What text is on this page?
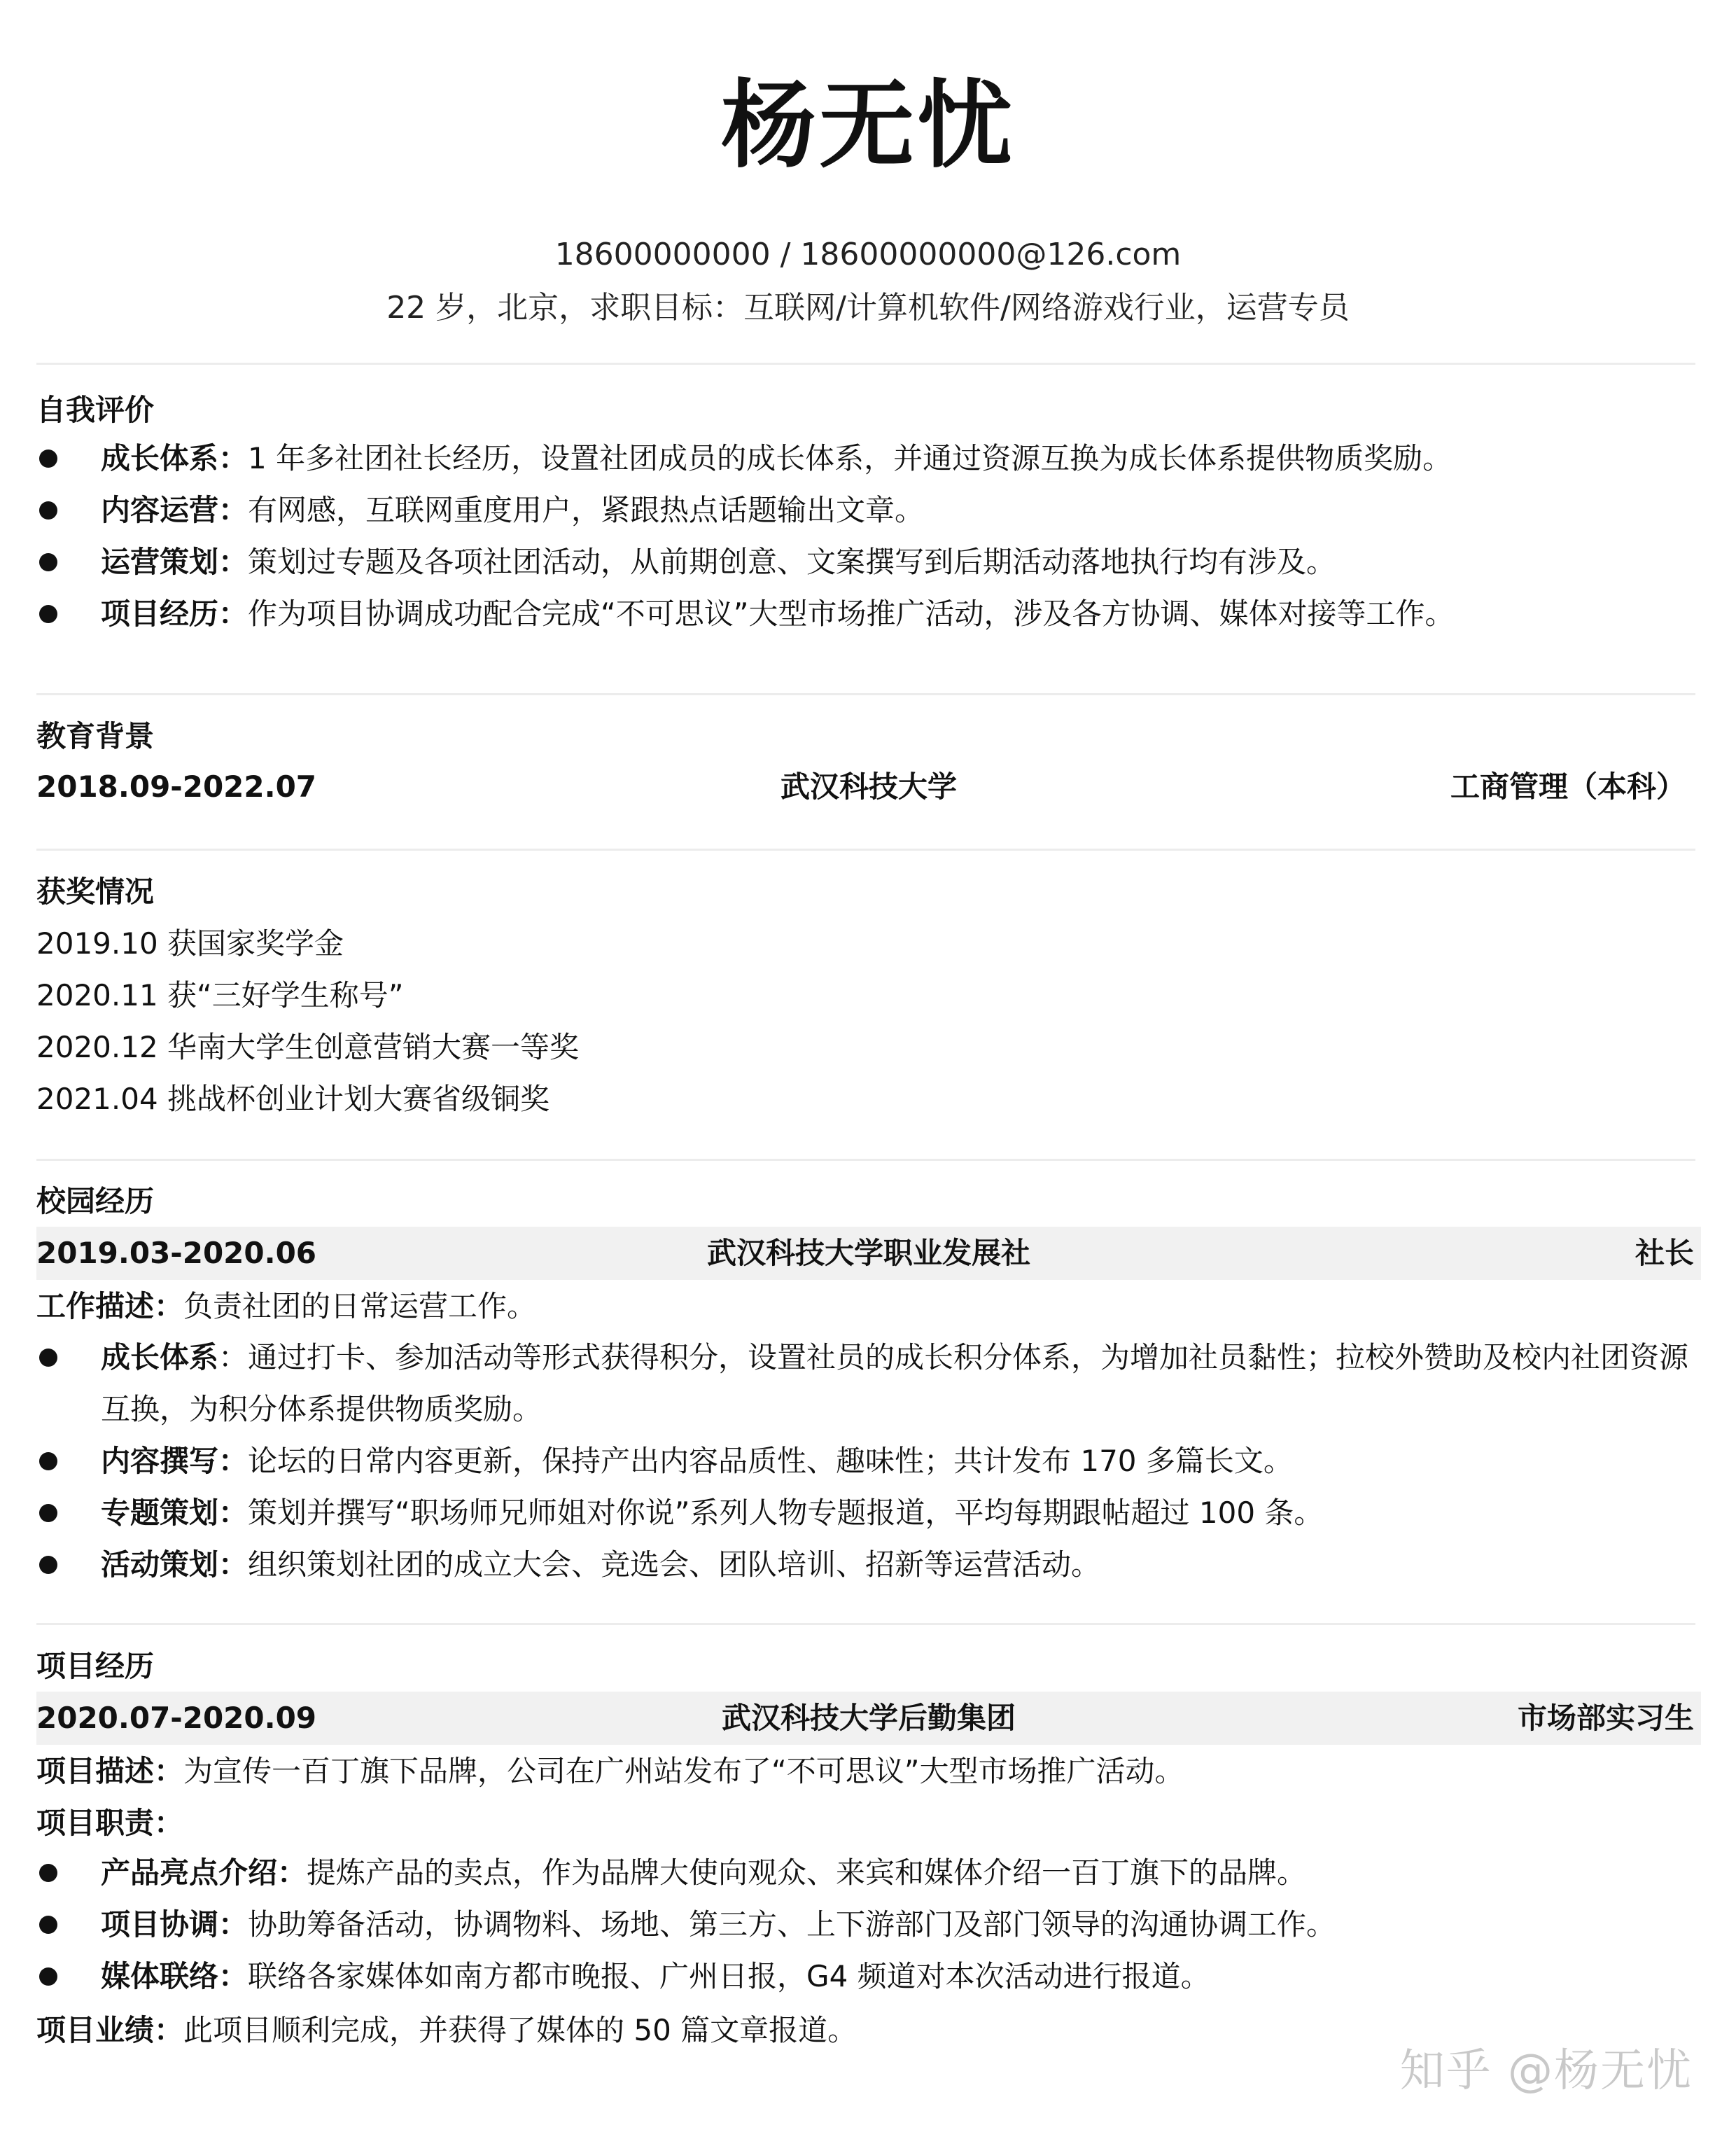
杨无忧
18600000000 / 18600000000@126.com
22 岁，北京，求职目标：互联网/计算机软件/网络游戏行业，运营专员
自我评价
成长体系：1 年多社团社长经历，设置社团成员的成长体系，并通过资源互换为成长体系提供物质奖励。
内容运营：有网感，互联网重度用户，紧跟热点话题输出文章。
运营策划：策划过专题及各项社团活动，从前期创意、文案撰写到后期活动落地执行均有涉及。
项目经历：作为项目协调成功配合完成“不可思议”大型市场推广活动，涉及各方协调、媒体对接等工作。
教育背景
2018.09-2022.07	武汉科技大学	工商管理（本科）
获奖情况
2019.10 获国家奖学金
2020.11 获“三好学生称号”
2020.12 华南大学生创意营销大赛一等奖
2021.04 挑战杯创业计划大赛省级铜奖
校园经历
2019.03-2020.06	武汉科技大学职业发展社	社长
工作描述：负责社团的日常运营工作。
成长体系：通过打卡、参加活动等形式获得积分，设置社员的成长积分体系，为增加社员黏性；拉校外赞助及校内社团资源互换，为积分体系提供物质奖励。
内容撰写：论坛的日常内容更新，保持产出内容品质性、趣味性；共计发布 170 多篇长文。
专题策划：策划并撰写“职场师兄师姐对你说”系列人物专题报道，平均每期跟帖超过 100 条。
活动策划：组织策划社团的成立大会、竞选会、团队培训、招新等运营活动。
项目经历
2020.07-2020.09	武汉科技大学后勤集团	市场部实习生
项目描述：为宣传一百丁旗下品牌，公司在广州站发布了“不可思议”大型市场推广活动。
项目职责：
产品亮点介绍：提炼产品的卖点，作为品牌大使向观众、来宾和媒体介绍一百丁旗下的品牌。
项目协调：协助筹备活动，协调物料、场地、第三方、上下游部门及部门领导的沟通协调工作。
媒体联络：联络各家媒体如南方都市晚报、广州日报，G4 频道对本次活动进行报道。
项目业绩：此项目顺利完成，并获得了媒体的 50 篇文章报道。
知乎 @杨无忧
